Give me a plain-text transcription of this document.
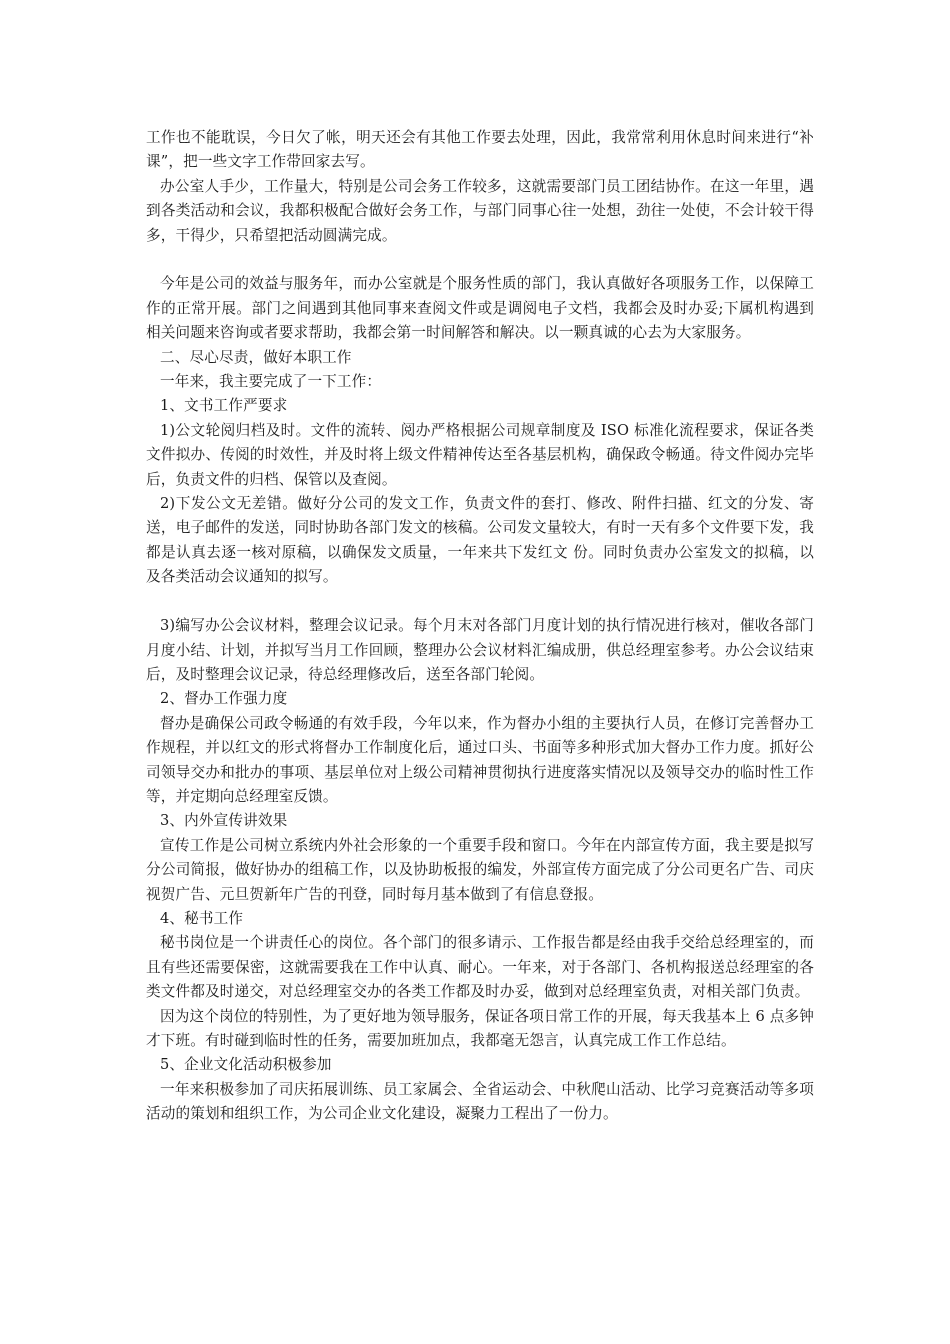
工作也不能耽误，今日欠了帐，明天还会有其他工作要去处理，因此，我常常利用休息时间来进行“补课”，把一些文字工作带回家去写。

办公室人手少，工作量大，特别是公司会务工作较多，这就需要部门员工团结协作。在这一年里，遇到各类活动和会议，我都积极配合做好会务工作，与部门同事心往一处想，劲往一处使，不会计较干得多，干得少，只希望把活动圆满完成。

今年是公司的效益与服务年，而办公室就是个服务性质的部门，我认真做好各项服务工作，以保障工作的正常开展。部门之间遇到其他同事来查阅文件或是调阅电子文档，我都会及时办妥;下属机构遇到相关问题来咨询或者要求帮助，我都会第一时间解答和解决。以一颗真诚的心去为大家服务。

二、尽心尽责，做好本职工作

一年来，我主要完成了一下工作：

1、文书工作严要求

1)公文轮阅归档及时。文件的流转、阅办严格根据公司规章制度及 ISO 标准化流程要求，保证各类文件拟办、传阅的时效性，并及时将上级文件精神传达至各基层机构，确保政令畅通。待文件阅办完毕后，负责文件的归档、保管以及查阅。

2)下发公文无差错。做好分公司的发文工作，负责文件的套打、修改、附件扫描、红文的分发、寄送，电子邮件的发送，同时协助各部门发文的核稿。公司发文量较大，有时一天有多个文件要下发，我都是认真去逐一核对原稿，以确保发文质量，一年来共下发红文 份。同时负责办公室发文的拟稿，以及各类活动会议通知的拟写。

3)编写办公会议材料，整理会议记录。每个月末对各部门月度计划的执行情况进行核对，催收各部门月度小结、计划，并拟写当月工作回顾，整理办公会议材料汇编成册，供总经理室参考。办公会议结束后，及时整理会议记录，待总经理修改后，送至各部门轮阅。

2、督办工作强力度

督办是确保公司政令畅通的有效手段，今年以来，作为督办小组的主要执行人员，在修订完善督办工作规程，并以红文的形式将督办工作制度化后，通过口头、书面等多种形式加大督办工作力度。抓好公司领导交办和批办的事项、基层单位对上级公司精神贯彻执行进度落实情况以及领导交办的临时性工作等，并定期向总经理室反馈。

3、内外宣传讲效果

宣传工作是公司树立系统内外社会形象的一个重要手段和窗口。今年在内部宣传方面，我主要是拟写分公司简报，做好协办的组稿工作，以及协助板报的编发，外部宣传方面完成了分公司更名广告、司庆视贺广告、元旦贺新年广告的刊登，同时每月基本做到了有信息登报。

4、秘书工作

秘书岗位是一个讲责任心的岗位。各个部门的很多请示、工作报告都是经由我手交给总经理室的，而且有些还需要保密，这就需要我在工作中认真、耐心。一年来，对于各部门、各机构报送总经理室的各类文件都及时递交，对总经理室交办的各类工作都及时办妥，做到对总经理室负责，对相关部门负责。

因为这个岗位的特别性，为了更好地为领导服务，保证各项日常工作的开展，每天我基本上 6 点多钟才下班。有时碰到临时性的任务，需要加班加点，我都毫无怨言，认真完成工作工作总结。

5、企业文化活动积极参加

一年来积极参加了司庆拓展训练、员工家属会、全省运动会、中秋爬山活动、比学习竞赛活动等多项活动的策划和组织工作，为公司企业文化建设，凝聚力工程出了一份力。
